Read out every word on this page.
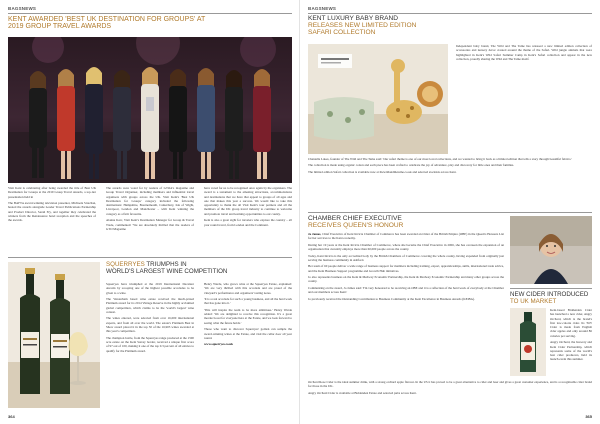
BAGSNEWS
KENT AWARDED 'BEST UK DESTINATION FOR GROUPS' AT
2019 GROUP TRAVEL AWARDS

Visit Kent is celebrating after being awarded the title of Best UK Destination for Groups at the 2019 Group Travel Awards, a top-tier presentation held in

The BAFTA award-winning television presenter, Michaela Strachan, hosted the awards alongside Leader Travel Publications Partnership and Product Director, Sarah Fry, and together they celebrated the winners from the Renaissance hotel reception and the speeches of the awards.

The awards were voted for by readers of GTOA's magazine and Group Travel Organiser, including members and influential travel organisers with groups across the UK. Visit Kent's 'Best UK Destination for Groups' category included the following destinations: Hampshire, Bournemouth, Canterbury, Isle of Wight, Liverpool, London and Manchester – with Kent winning the category as a firm favourite.

Alanna Kerr, Visit Kent's Destination Manager for Group & Travel Trade, commented: 'We are absolutely thrilled that the readers of GTO Magazine

have voted for us to be recognised once again by the organisers. The award is a testament to the amazing attractions, accommodations and destinations that we have that appeal to groups of all ages and one that makes this year a success. We would like to take this opportunity to thank the all Visit Kent's tour partners and all the members of the UK group travel industry to continue to welcome and promote travel and learning opportunities to our county.

Kent is also a great sight for travelers who explore the country – all year round travel, from London and the Continent.

SQUERRYES TRIUMPHS IN
WORLD'S LARGEST WINE COMPETITION

Squerryes have triumphed at the 2019 International Decanter Awards by scooping one of the highest possible accolades to be given to a wine.

The Westerham based wine estate received the much-prized Platinum award for its 2014 Vintage Reserve in the highly acclaimed global competition, which claims to be the 'world's largest' wine contest.

The wines entered, were selected from over 16,000 international experts, and from all over the world. The estate's Platinum Best in Show award placed it in the top 50 of the 16,903 wines awarded at this year's competition.

The champion bottle, from the Squerryes range produced at the 1500 acre estate on the Kent Surrey border, received a unique first score of 97 out of 100, making it one of the top 0.3 percent of all entries to qualify for the Platinum award.

Henry Warde, who grows wine at the Squerryes Estate, explained: 'We are very thrilled with this accolade and are proud of the vineyard's performance and organisers' tasting notes.

'It is a real accolade for such a young business, and all the hard work that has gone into it.'

'This will inspire the team to be more ambitious.' Henry Warde added: 'We are delighted to receive this recognition. It's a great morale boost for everyone here at the Estate, and we look forward to seeing what the future holds.'

Those who want to discover Squerryes' golden can sample the award-winning wines at the Estate, and visit the cellar door all year round.

www.squerryes.co.uk

364
BAGSNEWS
KENT LUXURY BABY BRAND
RELEASES NEW LIMITED EDITION
SAFARI COLLECTION

Independent baby brand, The Wild and The Tame has released a new limited edition collection of accessories and nursery décor created around the theme of the Safari. Wild jungle animals that were highlighted in Kent's Wild Safari Summer Camp in Kent's Safari collection and appear in the new collection, proudly sharing the Wild and The Tame motif.

Chantelle Lakes, founder of The Wild and The Tame said: 'Our safari theme is one of our most loved collections, and we wanted to bring it back as a limited edition that tells a story through beautiful fabrics.'

The collection is made using organic cotton and each piece has been crafted to celebrate the joy of adventure, play and discovery for little ones and their families.

The limited edition Safari collection is available now at thewildandthetame.co.uk and selected stockists across Kent.

CHAMBER CHIEF EXECUTIVE
RECEIVES QUEEN'S HONOUR

Jo James, Chief Executive of Kent Invicta Chamber of Commerce has been awarded an Order of the British Empire (OBE) in the Queen's Honours List for her services to the Kent economy.

During her 19 years at the Kent Invicta Chamber of Commerce, where she became the Chief Executive in 2006, she has overseen the expansion of an organisation that currently employs more than 60,000 people across the county.

Today, Kent Invicta is the only accredited body by the British Chambers of Commerce covering the whole county, having expanded from originally just serving the business community in Ashford.

Her team of 60 people deliver a wide range of business support for members including training, export, apprenticeships, skills, international trade advice, and the Kent Business Support programme and Growth Hub initiatives.

Jo also represents business on the Kent & Medway Economic Partnership, the Kent & Medway Economic Partnership and many other groups across the county.

Commenting on the award, Jo James said: 'I'm very honoured to be receiving an OBE and it is a reflection of the hard work of everybody at the Chamber and our members across Kent.'

Jo previously received the Outstanding Contribution to Business Community at the Kent Excellence in Business Awards (KEiBA).

NEW CIDER INTRODUCED
TO UK MARKET

Kent-based Biddenden Cider has launched a new cider, Angry Orchard, which is the brand's first low-calorie cider. Its '365' Cider is made from English cider apples and only around 86 calories per serving.

Angry Orchard, the brewery and Kent Cider Partnership, which represents some of the world's best cider producers, held its launch event this summer.

Orchard Rose Cider is the ideal summer drink, with a strong orchard apple flavour. In the US it has proved to be a great alternative to cider and beer and gives a great customer experience, and is a recognisable cider brand for those in the UK.

Angry Orchard Cider is available at Biddenden Estate and selected pubs across Kent.

365
